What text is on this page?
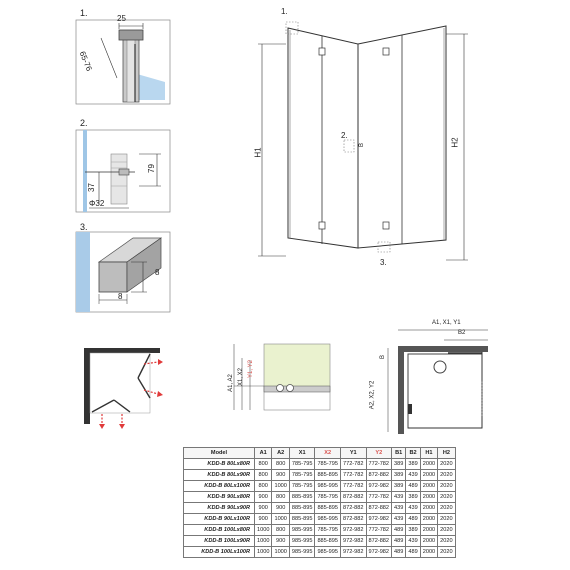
1.
25
65-76
2.
37
79
Φ32
3.
8
8
H1
H2
1.
2.
3.
B
A1, X1, Y1
B2
A2, X2, Y2
B
A1, A2 X1, X2 Y1, Y2
Model	A1	A2	X1	X2	Y1	Y2	B1	B2	H1	H2
KDD-B 80Lx80R	800	800	785-795	785-795	772-782	772-782	389	389	2000	2020
KDD-B 80Lx90R	800	900	785-795	885-895	772-782	872-882	389	439	2000	2020
KDD-B 80Lx100R	800	1000	785-795	985-995	772-782	972-982	389	489	2000	2020
KDD-B 90Lx80R	900	800	885-895	785-795	872-882	772-782	439	389	2000	2020
KDD-B 90Lx90R	900	900	885-895	885-895	872-882	872-882	439	439	2000	2020
KDD-B 90Lx100R	900	1000	885-895	985-995	872-882	972-982	439	489	2000	2020
KDD-B 100Lx80R	1000	800	985-995	785-795	972-982	772-782	489	389	2000	2020
KDD-B 100Lx90R	1000	900	985-995	885-895	972-982	872-882	489	439	2000	2020
KDD-B 100Lx100R	1000	1000	985-995	985-995	972-982	972-982	489	489	2000	2020
